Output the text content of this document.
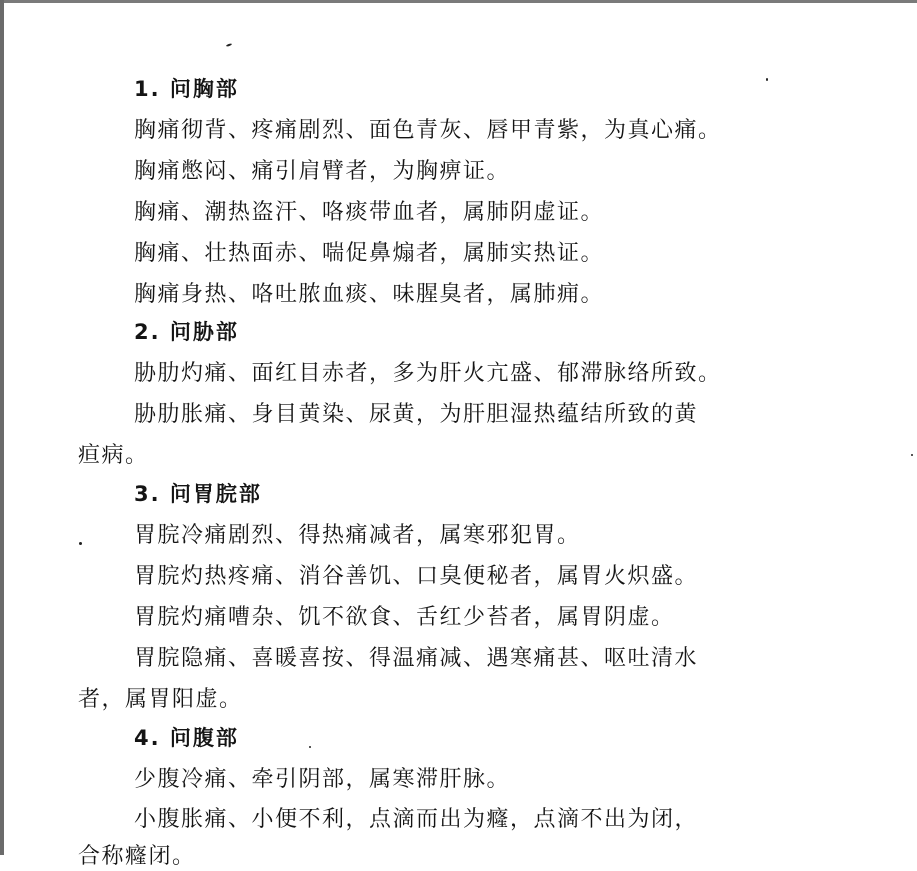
1. 问胸部
胸痛彻背、疼痛剧烈、面色青灰、唇甲青紫，为真心痛。
胸痛憋闷、痛引肩臂者，为胸痹证。
胸痛、潮热盗汗、咯痰带血者，属肺阴虚证。
胸痛、壮热面赤、喘促鼻煽者，属肺实热证。
胸痛身热、咯吐脓血痰、味腥臭者，属肺痈。
2. 问胁部
胁肋灼痛、面红目赤者，多为肝火亢盛、郁滞脉络所致。
胁肋胀痛、身目黄染、尿黄，为肝胆湿热蕴结所致的黄
疸病。
3. 问胃脘部
胃脘冷痛剧烈、得热痛减者，属寒邪犯胃。
胃脘灼热疼痛、消谷善饥、口臭便秘者，属胃火炽盛。
胃脘灼痛嘈杂、饥不欲食、舌红少苔者，属胃阴虚。
胃脘隐痛、喜暖喜按、得温痛减、遇寒痛甚、呕吐清水
者，属胃阳虚。
4. 问腹部
少腹冷痛、牵引阴部，属寒滞肝脉。
小腹胀痛、小便不利，点滴而出为癃，点滴不出为闭，
合称癃闭。
